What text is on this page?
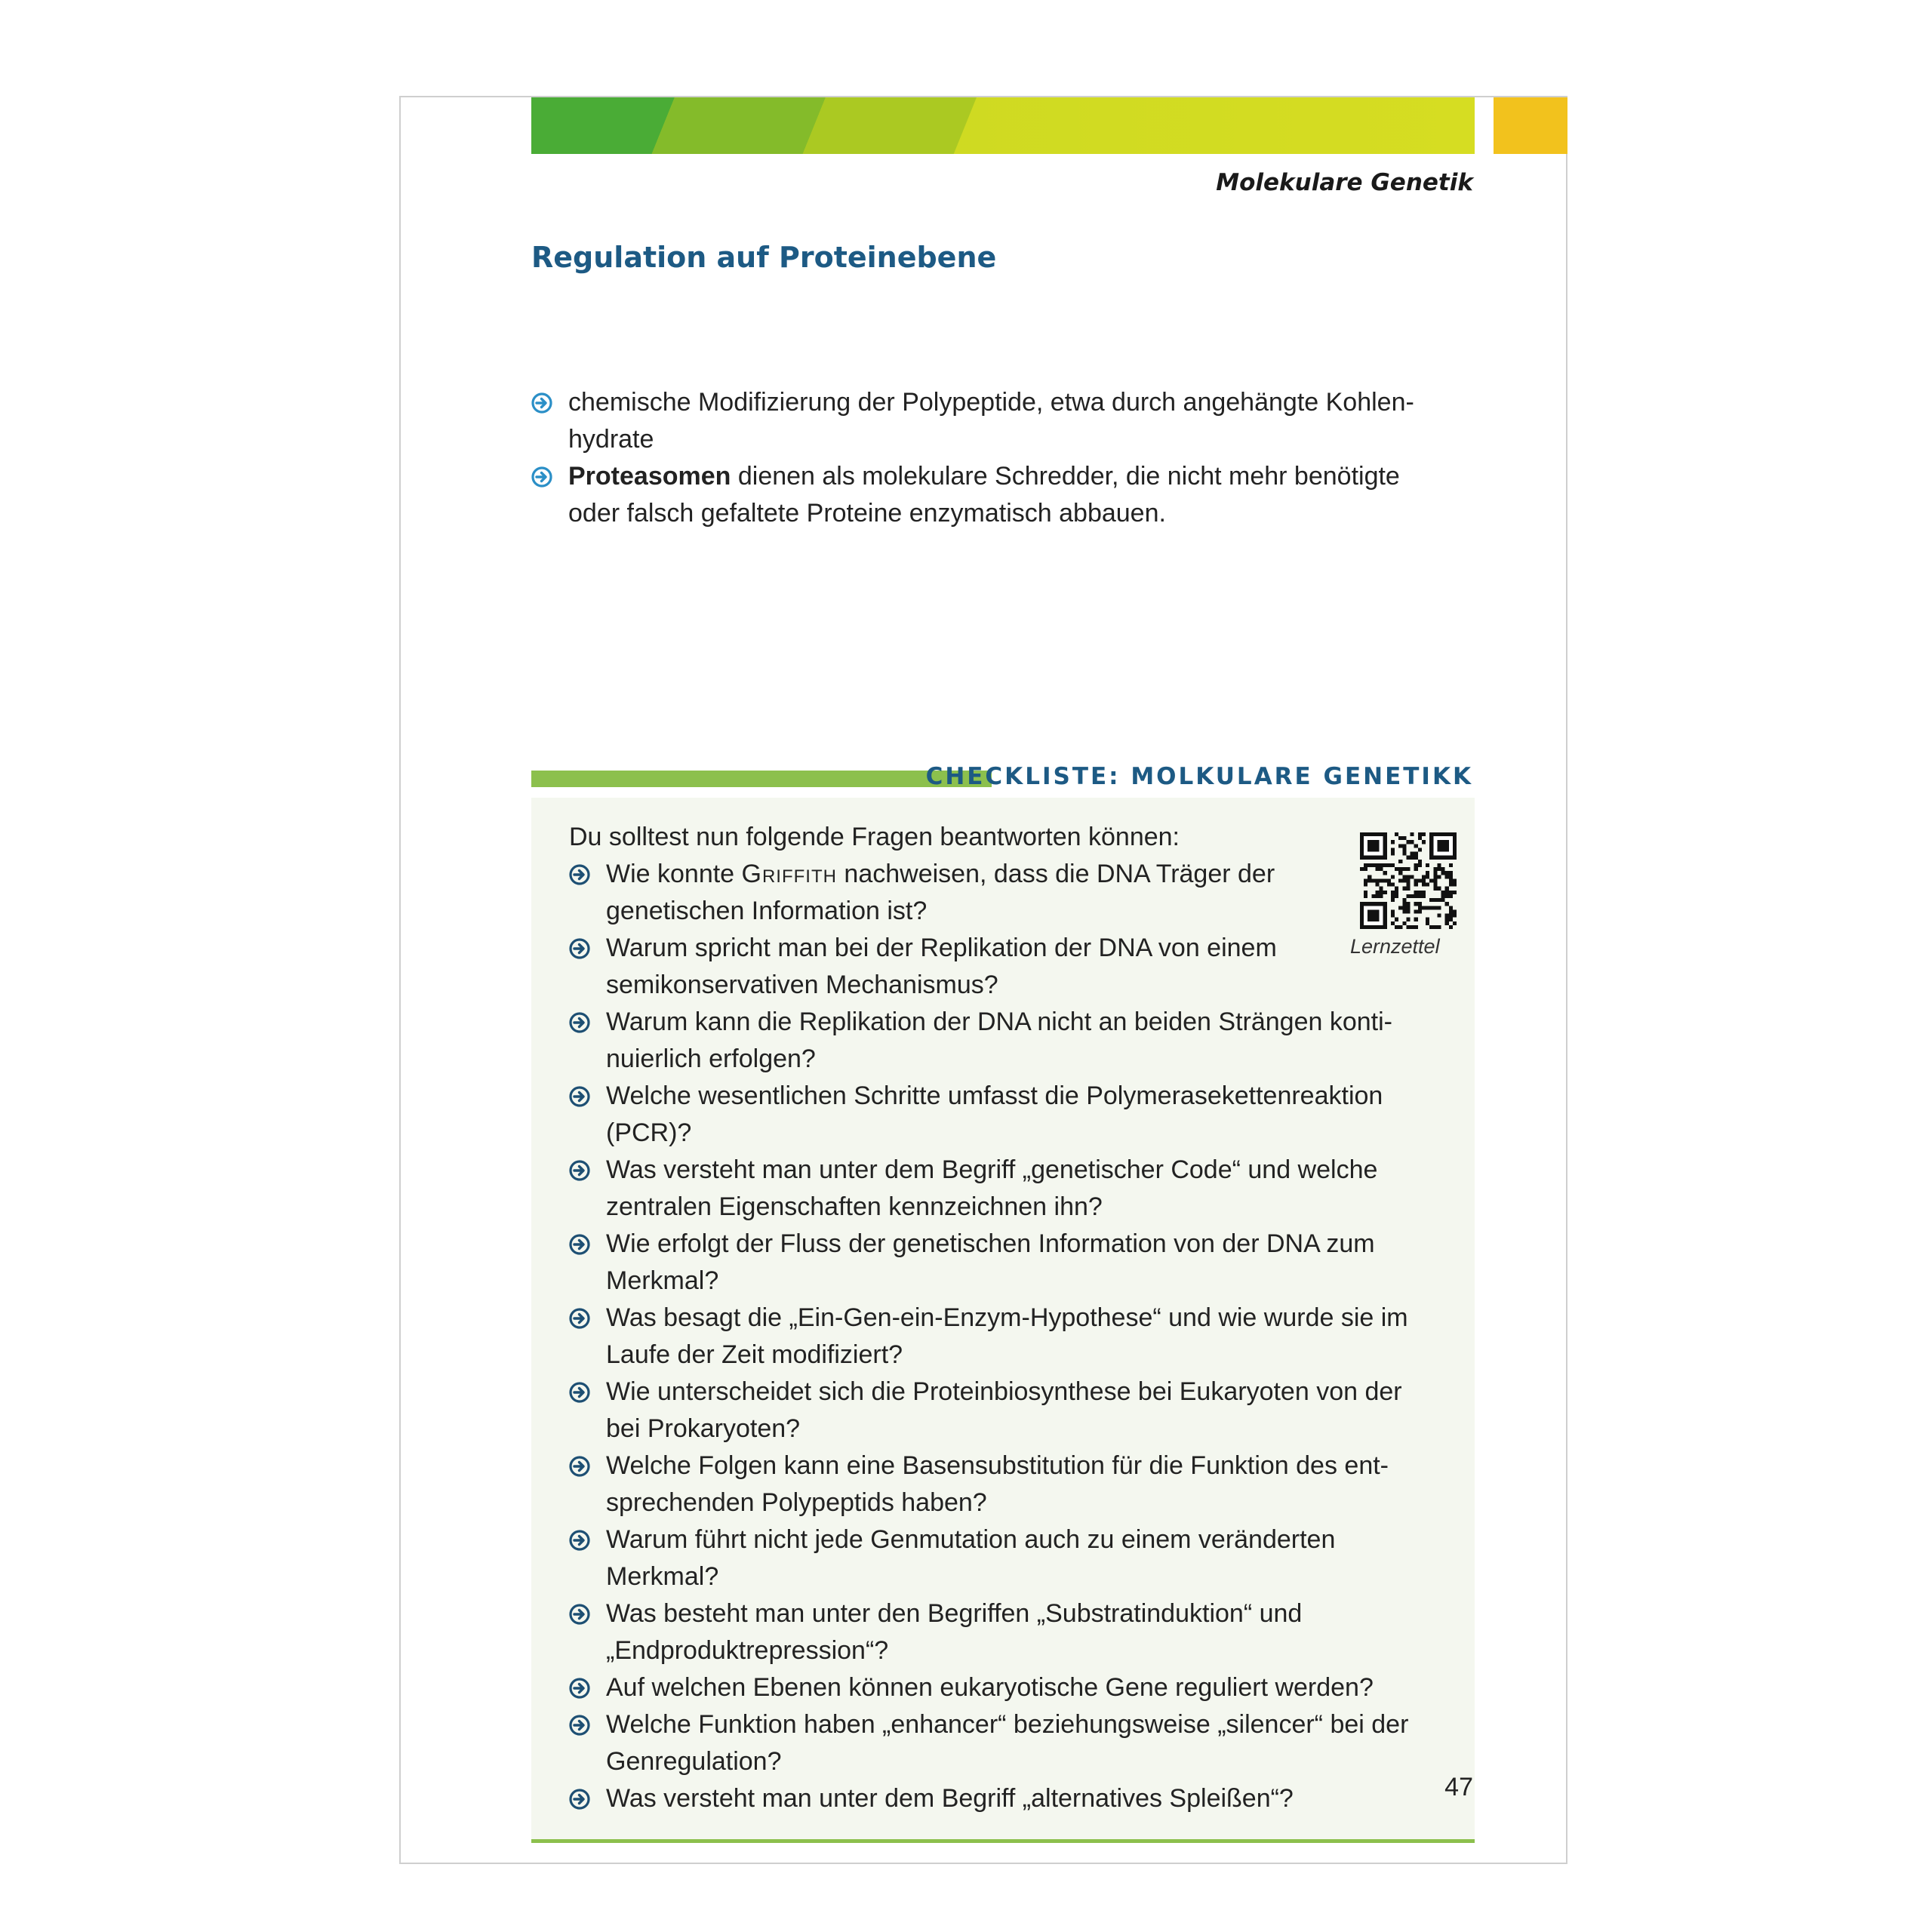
Molekulare Genetik
Regulation auf Proteinebene
chemische Modifizierung der Polypeptide, etwa durch angehängte Kohlen-
hydrate
Proteasomen dienen als molekulare Schredder, die nicht mehr benötigte
oder falsch gefaltete Proteine enzymatisch abbauen.
CHECKLISTE: MOLKULARE GENETIKK
Du solltest nun folgende Fragen beantworten können:
Lernzettel
Wie konnte Griffith nachweisen, dass die DNA Träger der
genetischen Information ist?
Warum spricht man bei der Replikation der DNA von einem
semikonservativen Mechanismus?
Warum kann die Replikation der DNA nicht an beiden Strängen konti-
nuierlich erfolgen?
Welche wesentlichen Schritte umfasst die Polymerasekettenreaktion
(PCR)?
Was versteht man unter dem Begriff „genetischer Code“ und welche
zentralen Eigenschaften kennzeichnen ihn?
Wie erfolgt der Fluss der genetischen Information von der DNA zum
Merkmal?
Was besagt die „Ein-Gen-ein-Enzym-Hypothese“ und wie wurde sie im
Laufe der Zeit modifiziert?
Wie unterscheidet sich die Proteinbiosynthese bei Eukaryoten von der
bei Prokaryoten?
Welche Folgen kann eine Basensubstitution für die Funktion des ent-
sprechenden Polypeptids haben?
Warum führt nicht jede Genmutation auch zu einem veränderten
Merkmal?
Was besteht man unter den Begriffen „Substratinduktion“ und
„Endproduktrepression“?
Auf welchen Ebenen können eukaryotische Gene reguliert werden?
Welche Funktion haben „enhancer“ beziehungsweise „silencer“ bei der
Genregulation?
Was versteht man unter dem Begriff „alternatives Spleißen“?	47
